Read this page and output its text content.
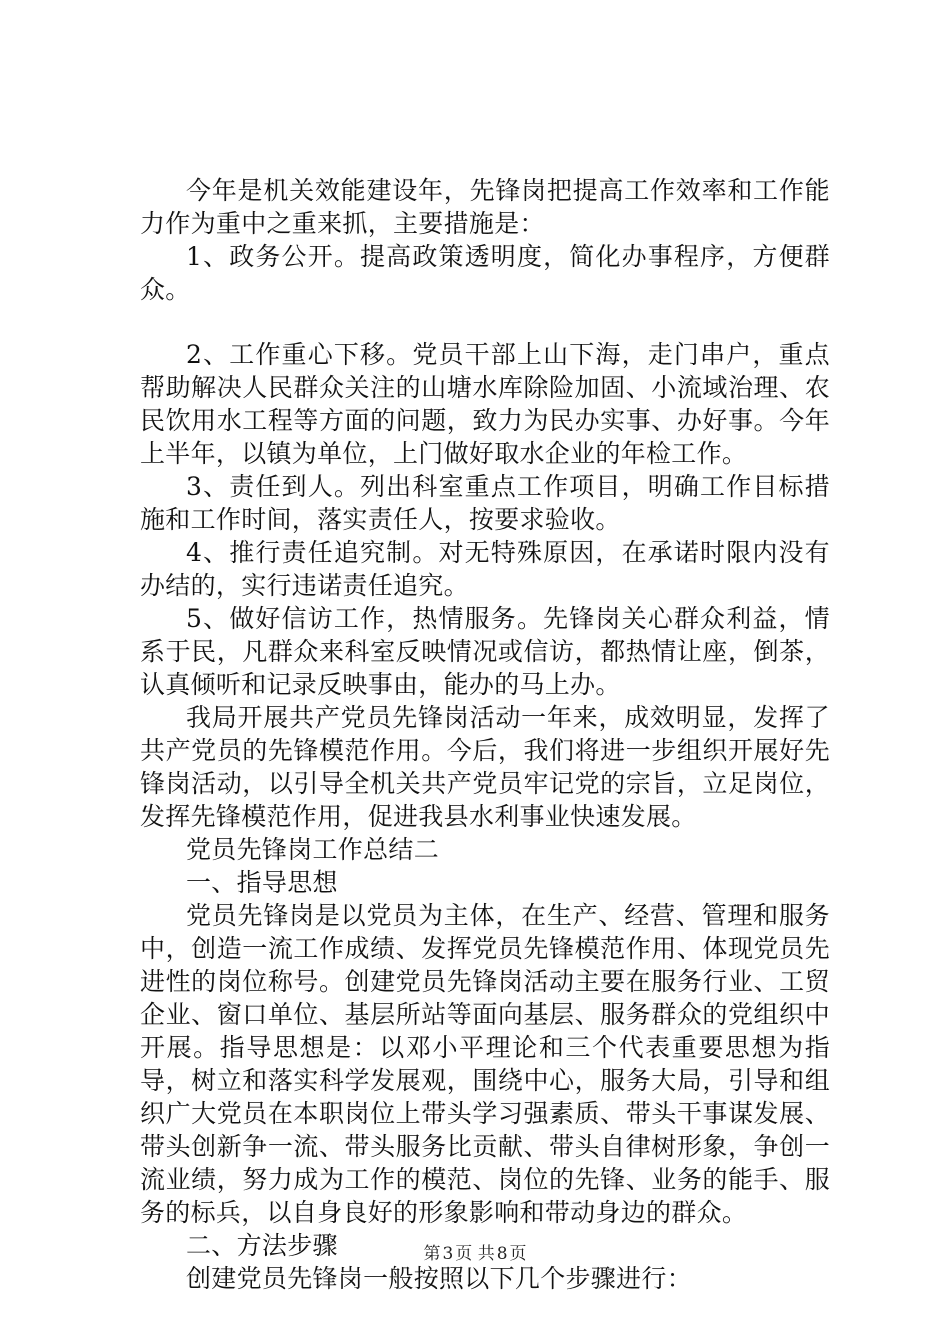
今年是机关效能建设年，先锋岗把提高工作效率和工作能力作为重中之重来抓，主要措施是：

1、政务公开。提高政策透明度，简化办事程序，方便群众。

2、工作重心下移。党员干部上山下海，走门串户，重点帮助解决人民群众关注的山塘水库除险加固、小流域治理、农民饮用水工程等方面的问题，致力为民办实事、办好事。今年上半年，以镇为单位，上门做好取水企业的年检工作。

3、责任到人。列出科室重点工作项目，明确工作目标措施和工作时间，落实责任人，按要求验收。

4、推行责任追究制。对无特殊原因，在承诺时限内没有办结的，实行违诺责任追究。

5、做好信访工作，热情服务。先锋岗关心群众利益，情系于民，凡群众来科室反映情况或信访，都热情让座，倒茶，认真倾听和记录反映事由，能办的马上办。

我局开展共产党员先锋岗活动一年来，成效明显，发挥了共产党员的先锋模范作用。今后，我们将进一步组织开展好先锋岗活动，以引导全机关共产党员牢记党的宗旨，立足岗位，发挥先锋模范作用，促进我县水利事业快速发展。

党员先锋岗工作总结二

一、指导思想

党员先锋岗是以党员为主体，在生产、经营、管理和服务中，创造一流工作成绩、发挥党员先锋模范作用、体现党员先进性的岗位称号。创建党员先锋岗活动主要在服务行业、工贸企业、窗口单位、基层所站等面向基层、服务群众的党组织中开展。指导思想是：以邓小平理论和三个代表重要思想为指导，树立和落实科学发展观，围绕中心，服务大局，引导和组织广大党员在本职岗位上带头学习强素质、带头干事谋发展、带头创新争一流、带头服务比贡献、带头自律树形象，争创一流业绩，努力成为工作的模范、岗位的先锋、业务的能手、服务的标兵，以自身良好的形象影响和带动身边的群众。

二、方法步骤

创建党员先锋岗一般按照以下几个步骤进行：

第 3 页 共 8 页
